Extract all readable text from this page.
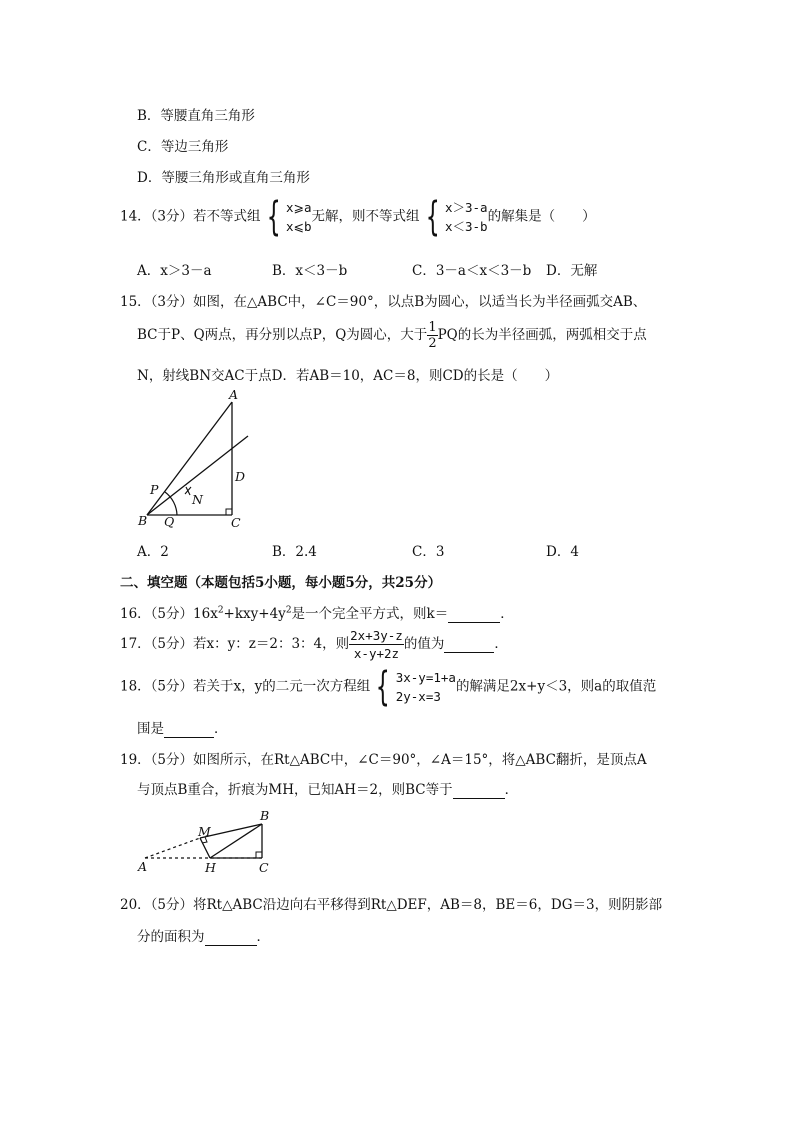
B．等腰直角三角形
C．等边三角形
D．等腰三角形或直角三角形
14．（3分）若不等式组 { x⩾a
x⩽b
无解，则不等式组 { x＞3-a
x＜3-b
的解集是（　　）
A．x＞3－a	B．x＜3－b	C．3－a＜x＜3－b D．无解
15．（3分）如图，在△ABC中，∠C＝90°，以点B为圆心，以适当长为半径画弧交AB、
BC于P、Q两点，再分别以点P，Q为圆心，大于 $\frac{1}{2}$ PQ的长为半径画弧，两弧相交于点
N，射线BN交AC于点D．若AB＝10，AC＝8，则CD的长是（　　）
A
B	C
D
P
Q
N
A．2	B．2.4	C．3	D．4
二、填空题（本题包括5小题，每小题5分，共25分）
16．（5分）$16x^2+kxy+4y^2$是一个完全平方式，则k＝	．
17．（5分）若x：y：z＝2：3：4，则 $\frac{2x+3y-z}{x-y+2z}$ 的值为	．
18．（5分）若关于x，y的二元一次方程组 { 3x-y=1+a
2y-x=3
的解满足2x+y＜3，则a的取值范
围是	．
19．（5分）如图所示，在Rt△ABC中，∠C＝90°，∠A＝15°，将△ABC翻折，是顶点A
与顶点B重合，折痕为MH，已知AH＝2，则BC等于	．
B
M
A	H	C
20．（5分）将Rt△ABC沿边向右平移得到Rt△DEF，AB＝8，BE＝6，DG＝3，则阴影部
分的面积为	．
